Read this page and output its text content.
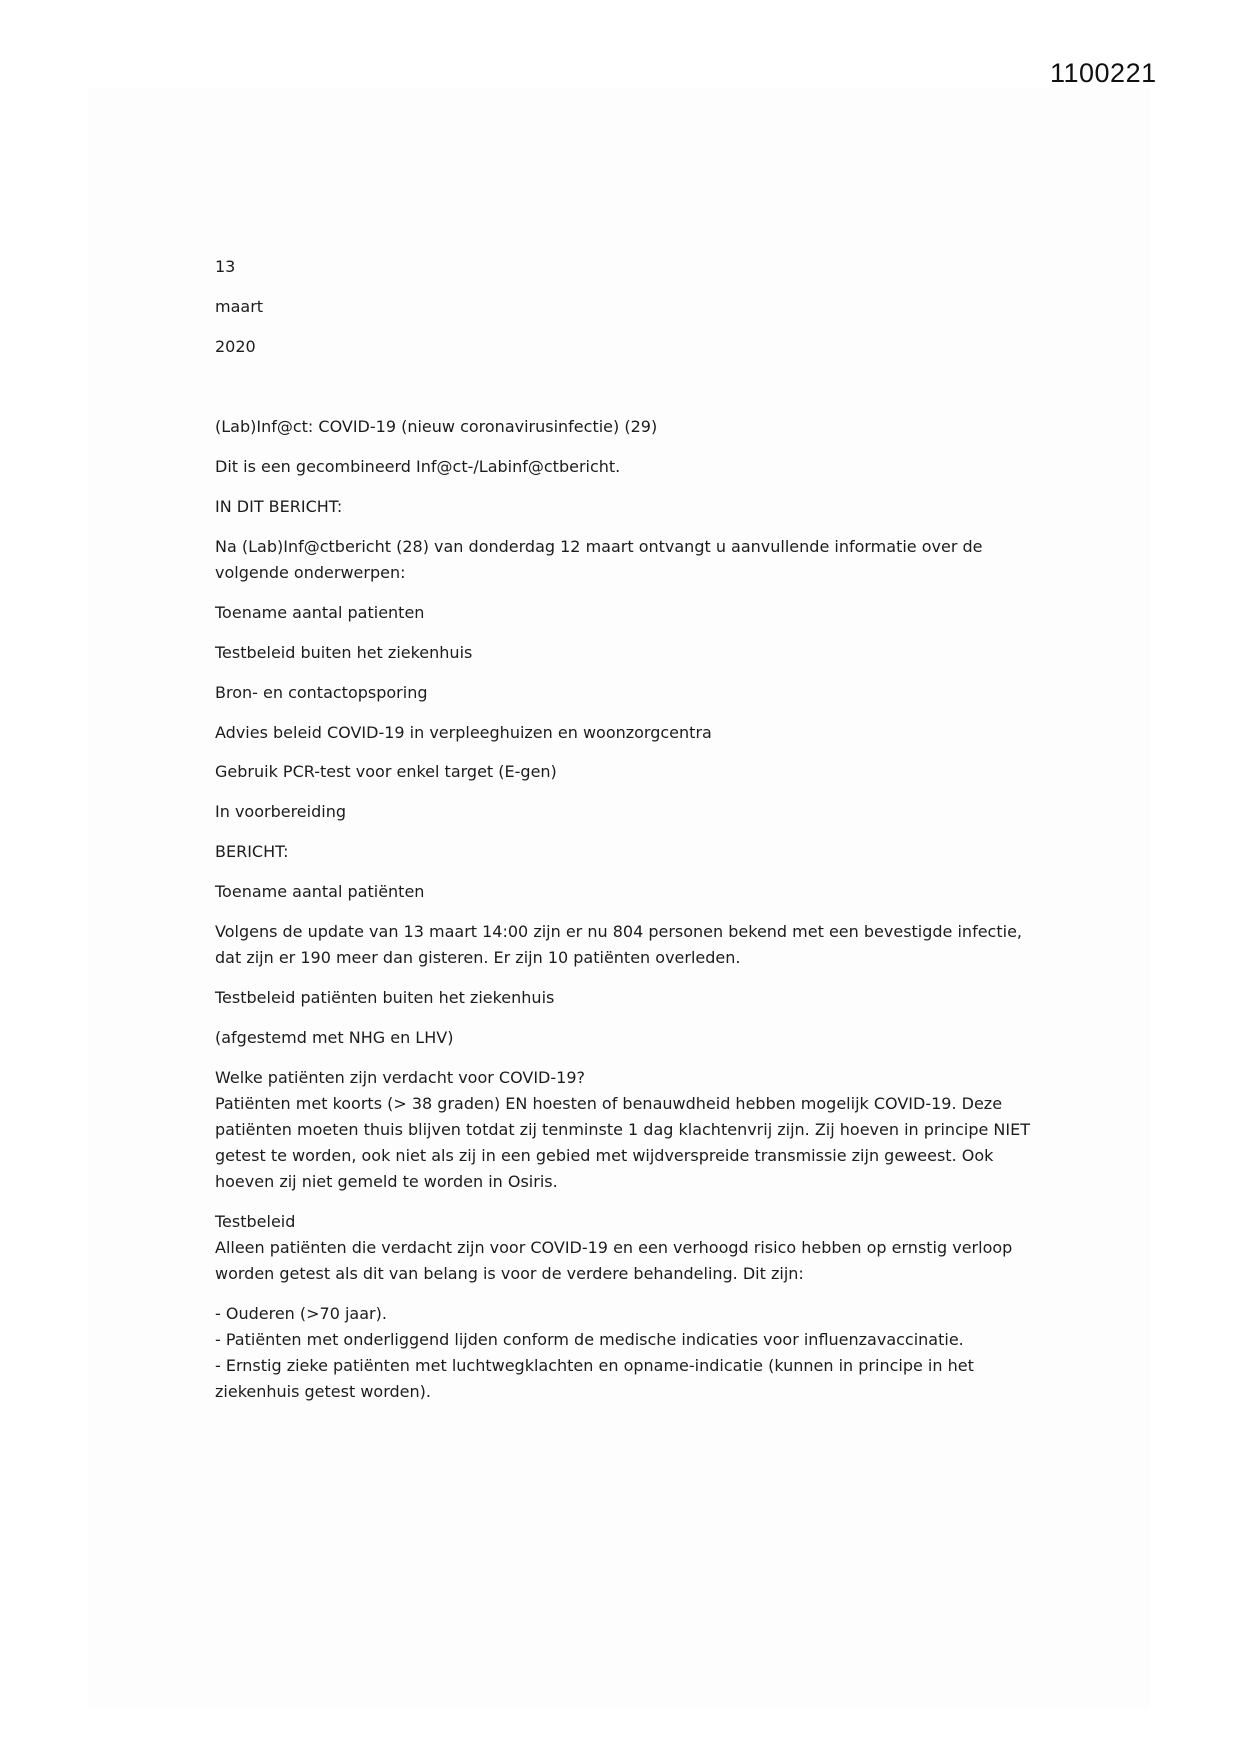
1100221
13
maart
2020
(Lab)Inf@ct: COVID-19 (nieuw coronavirusinfectie) (29)
Dit is een gecombineerd Inf@ct-/Labinf@ctbericht.
IN DIT BERICHT:
Na (Lab)Inf@ctbericht (28) van donderdag 12 maart ontvangt u aanvullende informatie over de
volgende onderwerpen:
Toename aantal patienten
Testbeleid buiten het ziekenhuis
Bron- en contactopsporing
Advies beleid COVID-19 in verpleeghuizen en woonzorgcentra
Gebruik PCR-test voor enkel target (E-gen)
In voorbereiding
BERICHT:
Toename aantal patiënten
Volgens de update van 13 maart 14:00 zijn er nu 804 personen bekend met een bevestigde infectie,
dat zijn er 190 meer dan gisteren. Er zijn 10 patiënten overleden.
Testbeleid patiënten buiten het ziekenhuis
(afgestemd met NHG en LHV)
Welke patiënten zijn verdacht voor COVID-19?
Patiënten met koorts (> 38 graden) EN hoesten of benauwdheid hebben mogelijk COVID-19. Deze
patiënten moeten thuis blijven totdat zij tenminste 1 dag klachtenvrij zijn. Zij hoeven in principe NIET
getest te worden, ook niet als zij in een gebied met wijdverspreide transmissie zijn geweest. Ook
hoeven zij niet gemeld te worden in Osiris.
Testbeleid
Alleen patiënten die verdacht zijn voor COVID-19 en een verhoogd risico hebben op ernstig verloop
worden getest als dit van belang is voor de verdere behandeling. Dit zijn:
- Ouderen (>70 jaar).
- Patiënten met onderliggend lijden conform de medische indicaties voor influenzavaccinatie.
- Ernstig zieke patiënten met luchtwegklachten en opname-indicatie (kunnen in principe in het
ziekenhuis getest worden).
